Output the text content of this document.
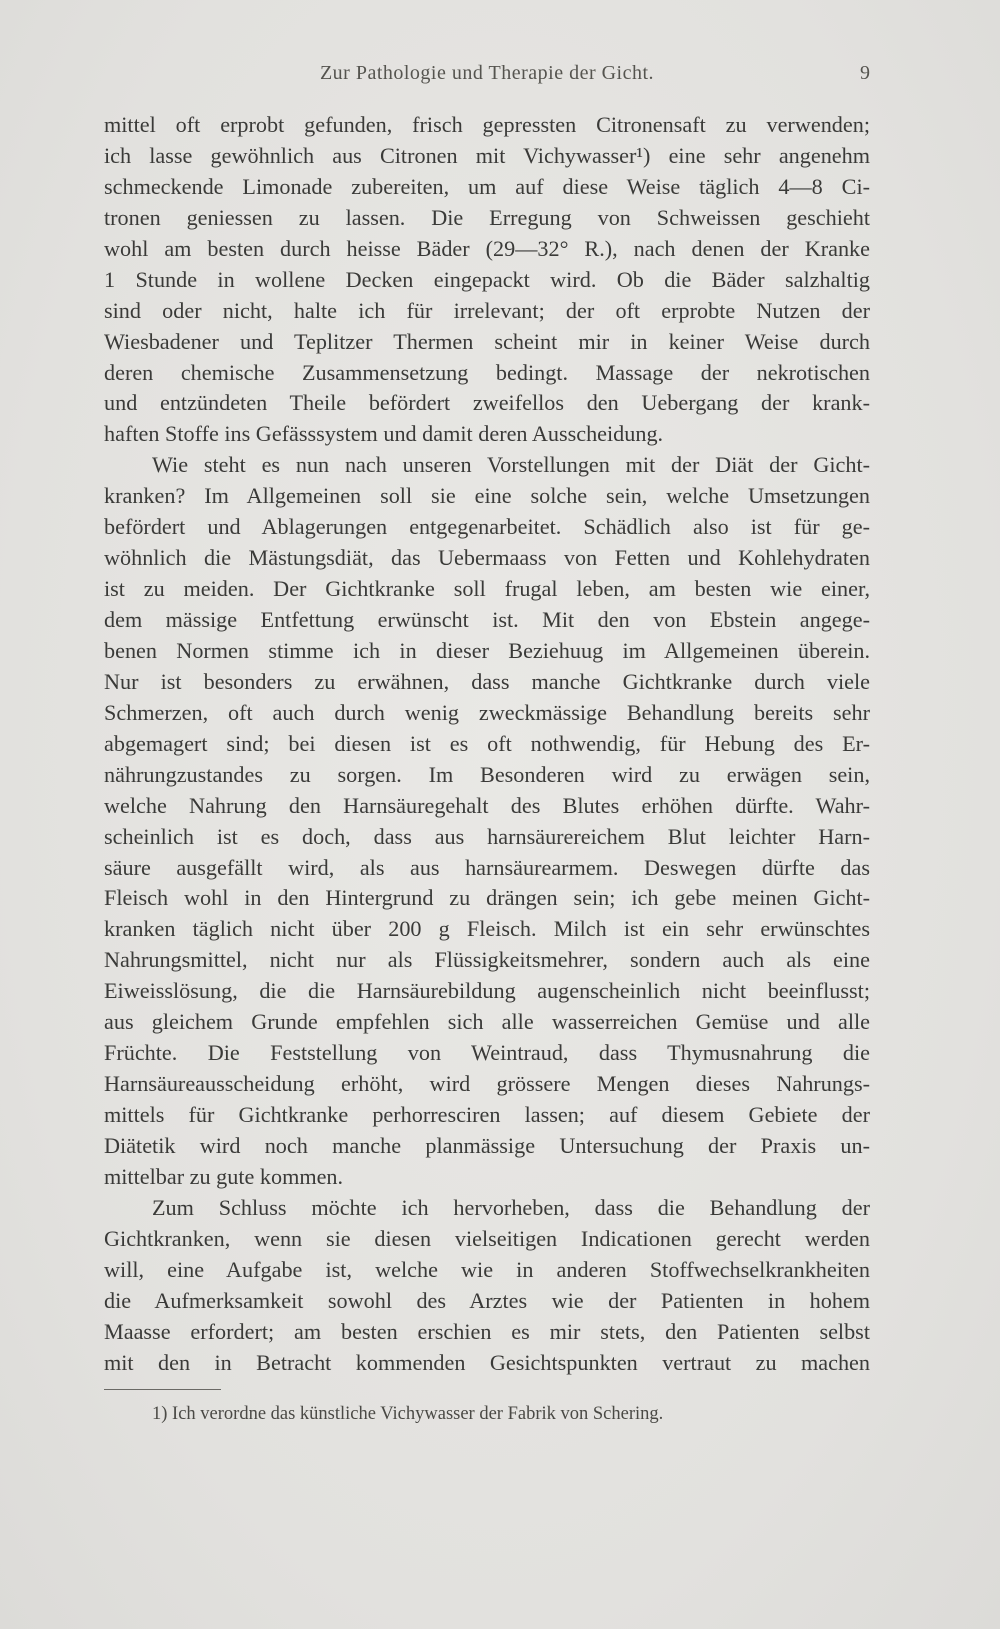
Zur Pathologie und Therapie der Gicht.	9
mittel oft erprobt gefunden, frisch gepressten Citronensaft zu verwenden;
ich lasse gewöhnlich aus Citronen mit Vichywasser¹) eine sehr angenehm
schmeckende Limonade zubereiten, um auf diese Weise täglich 4—8 Ci-
tronen geniessen zu lassen. Die Erregung von Schweissen geschieht
wohl am besten durch heisse Bäder (29—32° R.), nach denen der Kranke
1 Stunde in wollene Decken eingepackt wird. Ob die Bäder salzhaltig
sind oder nicht, halte ich für irrelevant; der oft erprobte Nutzen der
Wiesbadener und Teplitzer Thermen scheint mir in keiner Weise durch
deren chemische Zusammensetzung bedingt. Massage der nekrotischen
und entzündeten Theile befördert zweifellos den Uebergang der krank-
haften Stoffe ins Gefässsystem und damit deren Ausscheidung.
Wie steht es nun nach unseren Vorstellungen mit der Diät der Gicht-
kranken? Im Allgemeinen soll sie eine solche sein, welche Umsetzungen
befördert und Ablagerungen entgegenarbeitet. Schädlich also ist für ge-
wöhnlich die Mästungsdiät, das Uebermaass von Fetten und Kohlehydraten
ist zu meiden. Der Gichtkranke soll frugal leben, am besten wie einer,
dem mässige Entfettung erwünscht ist. Mit den von Ebstein angege-
benen Normen stimme ich in dieser Beziehuug im Allgemeinen überein.
Nur ist besonders zu erwähnen, dass manche Gichtkranke durch viele
Schmerzen, oft auch durch wenig zweckmässige Behandlung bereits sehr
abgemagert sind; bei diesen ist es oft nothwendig, für Hebung des Er-
nährungzustandes zu sorgen. Im Besonderen wird zu erwägen sein,
welche Nahrung den Harnsäuregehalt des Blutes erhöhen dürfte. Wahr-
scheinlich ist es doch, dass aus harnsäurereichem Blut leichter Harn-
säure ausgefällt wird, als aus harnsäurearmem. Deswegen dürfte das
Fleisch wohl in den Hintergrund zu drängen sein; ich gebe meinen Gicht-
kranken täglich nicht über 200 g Fleisch. Milch ist ein sehr erwünschtes
Nahrungsmittel, nicht nur als Flüssigkeitsmehrer, sondern auch als eine
Eiweisslösung, die die Harnsäurebildung augenscheinlich nicht beeinflusst;
aus gleichem Grunde empfehlen sich alle wasserreichen Gemüse und alle
Früchte. Die Feststellung von Weintraud, dass Thymusnahrung die
Harnsäureausscheidung erhöht, wird grössere Mengen dieses Nahrungs-
mittels für Gichtkranke perhorresciren lassen; auf diesem Gebiete der
Diätetik wird noch manche planmässige Untersuchung der Praxis un-
mittelbar zu gute kommen.
Zum Schluss möchte ich hervorheben, dass die Behandlung der
Gichtkranken, wenn sie diesen vielseitigen Indicationen gerecht werden
will, eine Aufgabe ist, welche wie in anderen Stoffwechselkrankheiten
die Aufmerksamkeit sowohl des Arztes wie der Patienten in hohem
Maasse erfordert; am besten erschien es mir stets, den Patienten selbst
mit den in Betracht kommenden Gesichtspunkten vertraut zu machen
1) Ich verordne das künstliche Vichywasser der Fabrik von Schering.
